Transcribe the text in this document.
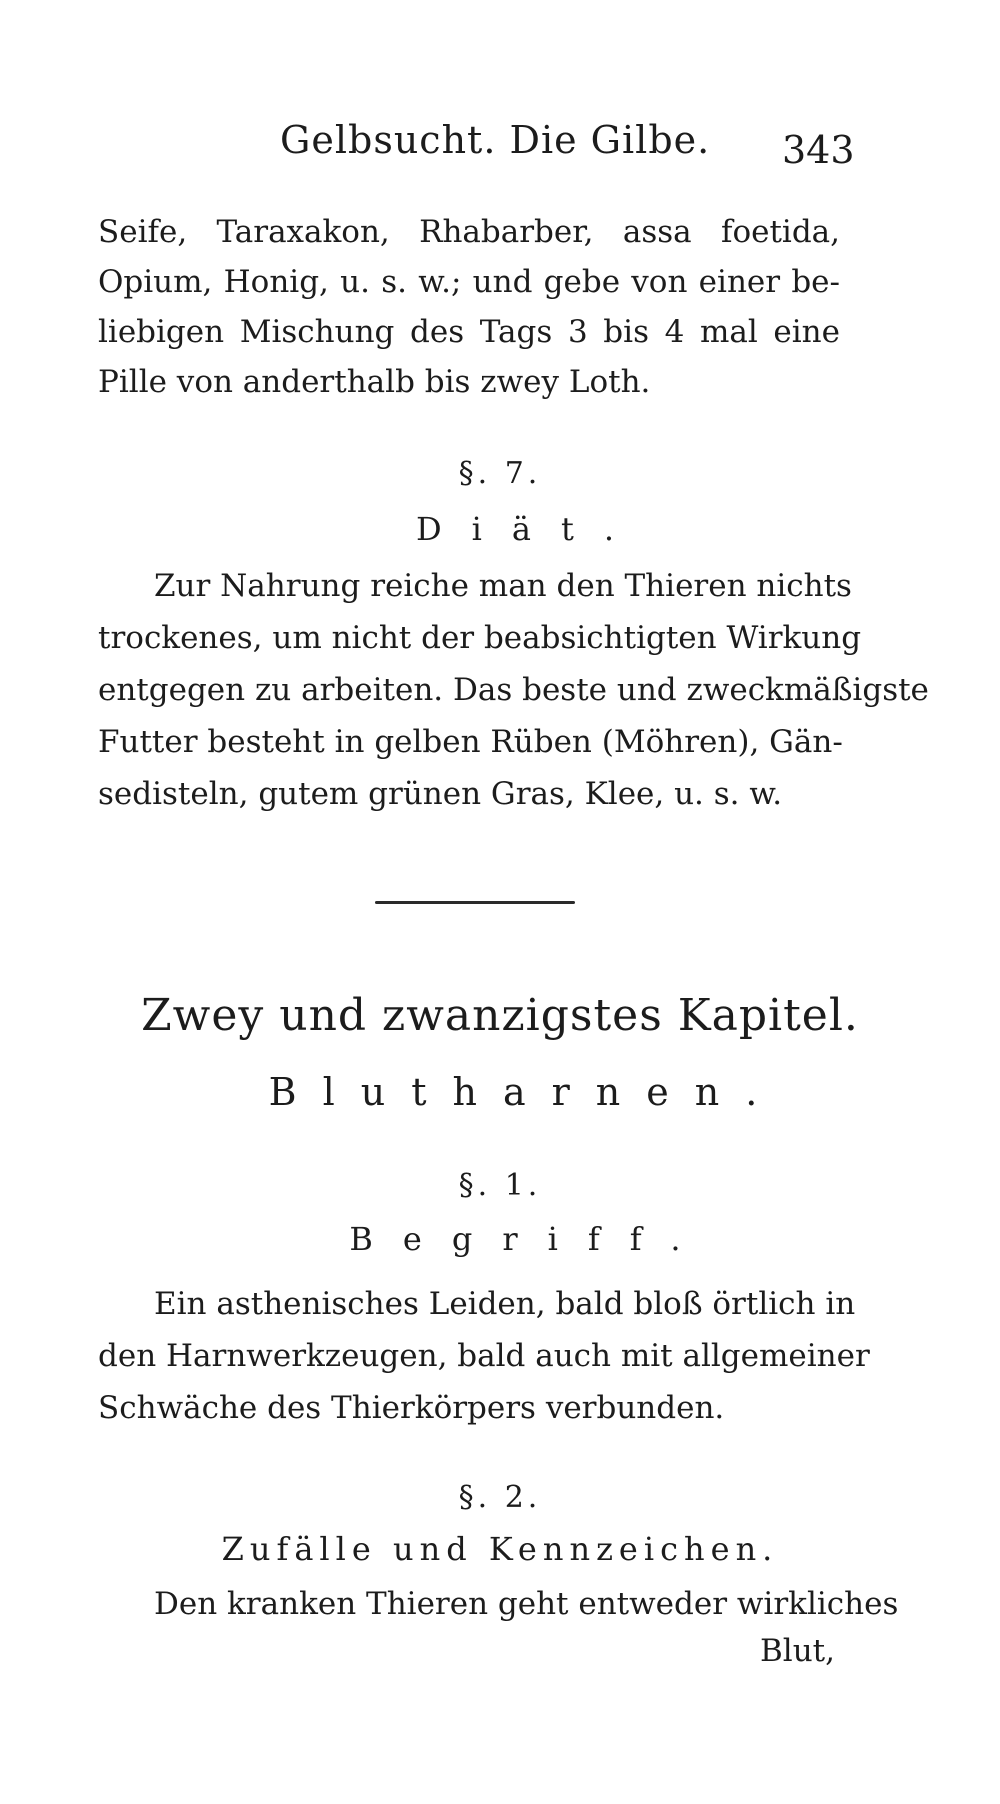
Gelbsucht. Die Gilbe. 343
Seife, Taraxakon, Rhabarber, assa foetida,
Opium, Honig, u. s. w.; und gebe von einer be-
liebigen Mischung des Tags 3 bis 4 mal eine
Pille von anderthalb bis zwey Loth.
§. 7.
Diät.
Zur Nahrung reiche man den Thieren nichts
trockenes, um nicht der beabsichtigten Wirkung
entgegen zu arbeiten. Das beste und zweckmäßigste
Futter besteht in gelben Rüben (Möhren), Gän-
sedisteln, gutem grünen Gras, Klee, u. s. w.
Zwey und zwanzigstes Kapitel.
Blutharnen.
§. 1.
Begriff.
Ein asthenisches Leiden, bald bloß örtlich in
den Harnwerkzeugen, bald auch mit allgemeiner
Schwäche des Thierkörpers verbunden.
§. 2.
Zufälle und Kennzeichen.
Den kranken Thieren geht entweder wirkliches
Blut,
